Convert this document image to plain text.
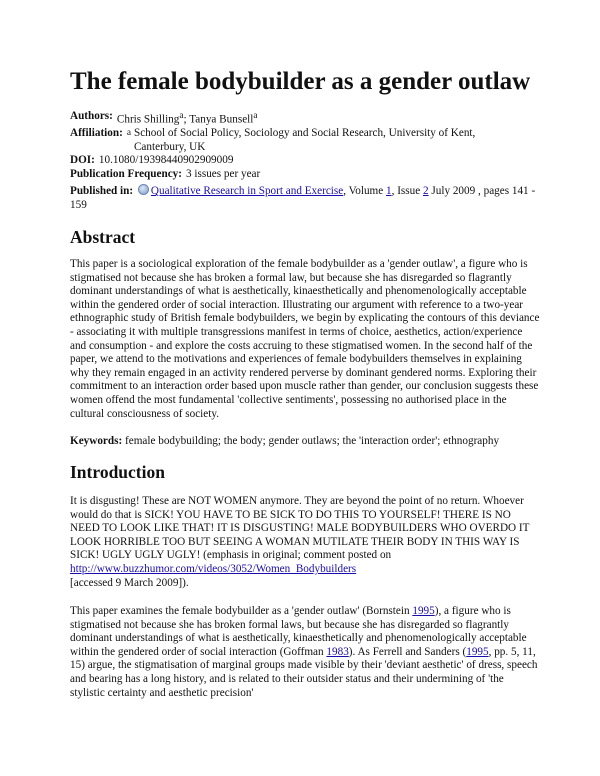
The female bodybuilder as a gender outlaw
Authors: Chris Shilling$^a$; Tanya Bunsell$^a$
Affiliation: a School of Social Policy, Sociology and Social Research, University of Kent, Canterbury, UK
DOI: 10.1080/19398440902909009
Publication Frequency: 3 issues per year
Published in: Qualitative Research in Sport and Exercise, Volume 1, Issue 2 July 2009 , pages 141 - 159
Abstract

This paper is a sociological exploration of the female bodybuilder as a 'gender outlaw', a figure who is stigmatised not because she has broken a formal law, but because she has disregarded so flagrantly dominant understandings of what is aesthetically, kinaesthetically and phenomenologically acceptable within the gendered order of social interaction. Illustrating our argument with reference to a two-year ethnographic study of British female bodybuilders, we begin by explicating the contours of this deviance - associating it with multiple transgressions manifest in terms of choice, aesthetics, action/experience and consumption - and explore the costs accruing to these stigmatised women. In the second half of the paper, we attend to the motivations and experiences of female bodybuilders themselves in explaining why they remain engaged in an activity rendered perverse by dominant gendered norms. Exploring their commitment to an interaction order based upon muscle rather than gender, our conclusion suggests these women offend the most fundamental 'collective sentiments', possessing no authorised place in the cultural consciousness of society.

Keywords: female bodybuilding; the body; gender outlaws; the 'interaction order'; ethnography

Introduction

It is disgusting! These are NOT WOMEN anymore. They are beyond the point of no return. Whoever would do that is SICK! YOU HAVE TO BE SICK TO DO THIS TO YOURSELF! THERE IS NO NEED TO LOOK LIKE THAT! IT IS DISGUSTING! MALE BODYBUILDERS WHO OVERDO IT LOOK HORRIBLE TOO BUT SEEING A WOMAN MUTILATE THEIR BODY IN THIS WAY IS SICK! UGLY UGLY UGLY! (emphasis in original; comment posted on http://www.buzzhumor.com/videos/3052/Women_Bodybuilders
[accessed 9 March 2009]).

This paper examines the female bodybuilder as a 'gender outlaw' (Bornstein 1995), a figure who is stigmatised not because she has broken formal laws, but because she has disregarded so flagrantly dominant understandings of what is aesthetically, kinaesthetically and phenomenologically acceptable within the gendered order of social interaction (Goffman 1983). As Ferrell and Sanders (1995, pp. 5, 11, 15) argue, the stigmatisation of marginal groups made visible by their 'deviant aesthetic' of dress, speech and bearing has a long history, and is related to their outsider status and their undermining of 'the stylistic certainty and aesthetic precision'
